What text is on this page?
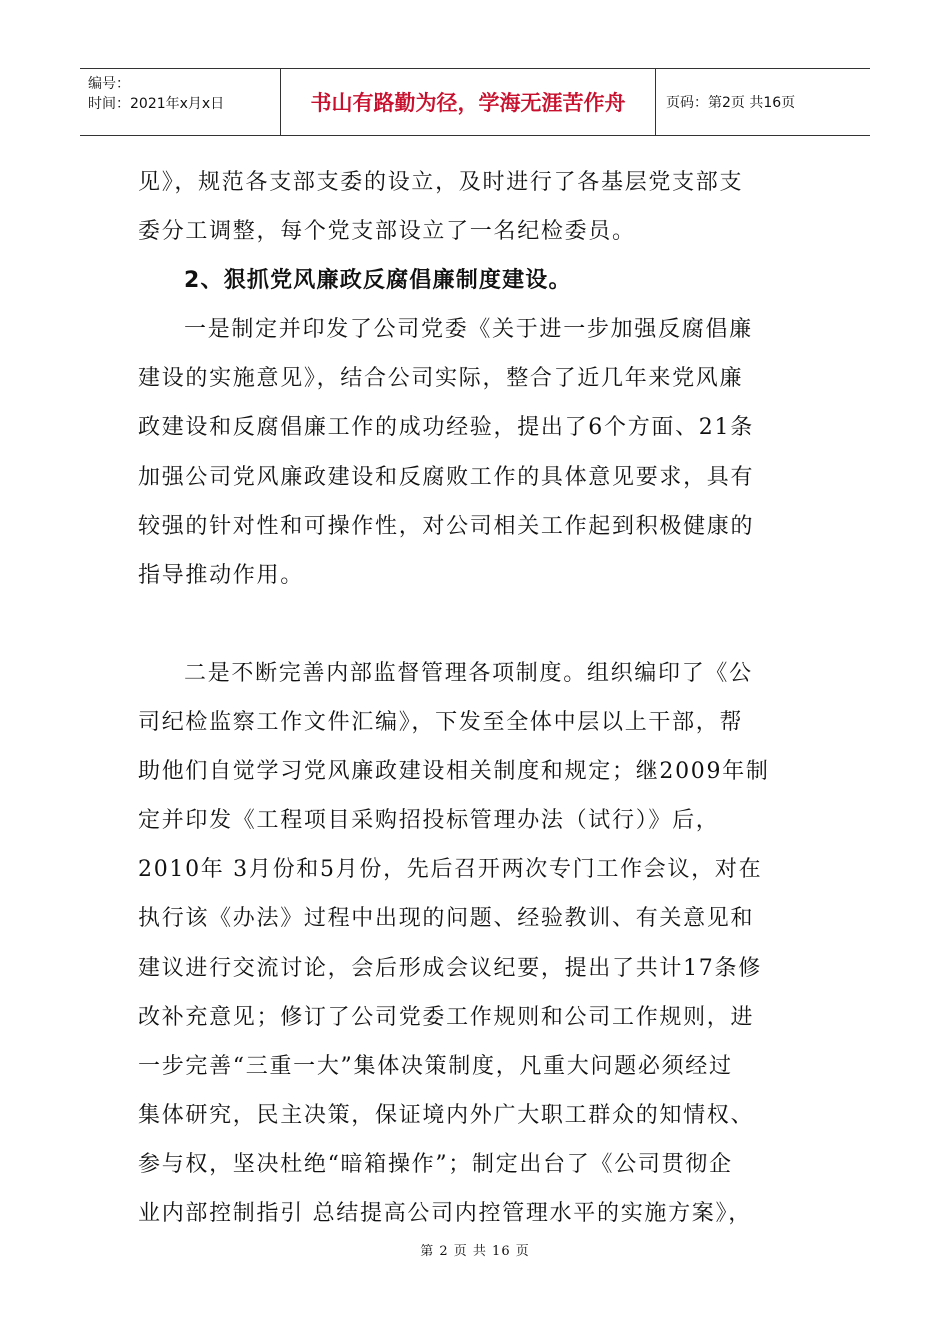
编号：
时间：2021年x月x日	书山有路勤为径，学海无涯苦作舟	页码：第2页 共16页
见》，规范各支部支委的设立，及时进行了各基层党支部支
委分工调整，每个党支部设立了一名纪检委员。
2、狠抓党风廉政反腐倡廉制度建设。
一是制定并印发了公司党委《关于进一步加强反腐倡廉
建设的实施意见》，结合公司实际，整合了近几年来党风廉
政建设和反腐倡廉工作的成功经验，提出了6个方面、21条
加强公司党风廉政建设和反腐败工作的具体意见要求，具有
较强的针对性和可操作性，对公司相关工作起到积极健康的
指导推动作用。
二是不断完善内部监督管理各项制度。组织编印了《公
司纪检监察工作文件汇编》，下发至全体中层以上干部，帮
助他们自觉学习党风廉政建设相关制度和规定；继2009年制
定并印发《工程项目采购招投标管理办法（试行）》后，
2010年 3月份和5月份，先后召开两次专门工作会议，对在
执行该《办法》过程中出现的问题、经验教训、有关意见和
建议进行交流讨论，会后形成会议纪要，提出了共计17条修
改补充意见；修订了公司党委工作规则和公司工作规则，进
一步完善“三重一大”集体决策制度，凡重大问题必须经过
集体研究，民主决策，保证境内外广大职工群众的知情权、
参与权，坚决杜绝“暗箱操作”；制定出台了《公司贯彻企
业内部控制指引 总结提高公司内控管理水平的实施方案》，
第 2 页 共 16 页
